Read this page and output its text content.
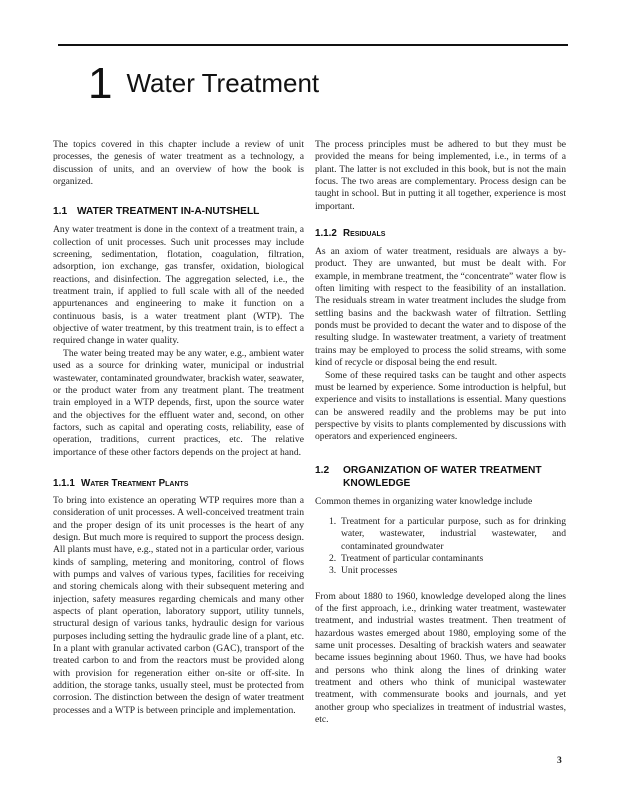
1 Water Treatment

The topics covered in this chapter include a review of unit processes, the genesis of water treatment as a technology, a discussion of units, and an overview of how the book is organized.

1.1 WATER TREATMENT IN-A-NUTSHELL

Any water treatment is done in the context of a treatment train, a collection of unit processes. Such unit processes may include screening, sedimentation, flotation, coagulation, filtration, adsorption, ion exchange, gas transfer, oxidation, biological reactions, and disinfection. The aggregation selected, i.e., the treatment train, if applied to full scale with all of the needed appurtenances and engineering to make it function on a continuous basis, is a water treatment plant (WTP). The objective of water treatment, by this treatment train, is to effect a required change in water quality.

The water being treated may be any water, e.g., ambient water used as a source for drinking water, municipal or industrial wastewater, contaminated groundwater, brackish water, seawater, or the product water from any treatment plant. The treatment train employed in a WTP depends, first, upon the source water and the objectives for the effluent water and, second, on other factors, such as capital and operating costs, reliability, ease of operation, traditions, current practices, etc. The relative importance of these other factors depends on the project at hand.

1.1.1 Water Treatment Plants

To bring into existence an operating WTP requires more than a consideration of unit processes. A well-conceived treatment train and the proper design of its unit processes is the heart of any design. But much more is required to support the process design. All plants must have, e.g., stated not in a particular order, various kinds of sampling, metering and monitoring, control of flows with pumps and valves of various types, facilities for receiving and storing chemicals along with their subsequent metering and injection, safety measures regarding chemicals and many other aspects of plant operation, laboratory support, utility tunnels, structural design of various tanks, hydraulic design for various purposes including setting the hydraulic grade line of a plant, etc. In a plant with granular activated carbon (GAC), transport of the treated carbon to and from the reactors must be provided along with provision for regeneration either on-site or off-site. In addition, the storage tanks, usually steel, must be protected from corrosion. The distinction between the design of water treatment processes and a WTP is between principle and implementation.

The process principles must be adhered to but they must be provided the means for being implemented, i.e., in terms of a plant. The latter is not excluded in this book, but is not the main focus. The two areas are complementary. Process design can be taught in school. But in putting it all together, experience is most important.

1.1.2 Residuals

As an axiom of water treatment, residuals are always a by-product. They are unwanted, but must be dealt with. For example, in membrane treatment, the “concentrate” water flow is often limiting with respect to the feasibility of an installation. The residuals stream in water treatment includes the sludge from settling basins and the backwash water of filtration. Settling ponds must be provided to decant the water and to dispose of the resulting sludge. In wastewater treatment, a variety of treatment trains may be employed to process the solid streams, with some kind of recycle or disposal being the end result.

Some of these required tasks can be taught and other aspects must be learned by experience. Some introduction is helpful, but experience and visits to installations is essential. Many questions can be answered readily and the problems may be put into perspective by visits to plants complemented by discussions with operators and experienced engineers.

1.2	ORGANIZATION OF WATER TREATMENT
KNOWLEDGE

Common themes in organizing water knowledge include

1. Treatment for a particular purpose, such as for drinking water, wastewater, industrial wastewater, and contaminated groundwater
2. Treatment of particular contaminants
3. Unit processes

From about 1880 to 1960, knowledge developed along the lines of the first approach, i.e., drinking water treatment, wastewater treatment, and industrial wastes treatment. Then treatment of hazardous wastes emerged about 1980, employing some of the same unit processes. Desalting of brackish waters and seawater became issues beginning about 1960. Thus, we have had books and persons who think along the lines of drinking water treatment and others who think of municipal wastewater treatment, with commensurate books and journals, and yet another group who specializes in treatment of industrial wastes, etc.

3
